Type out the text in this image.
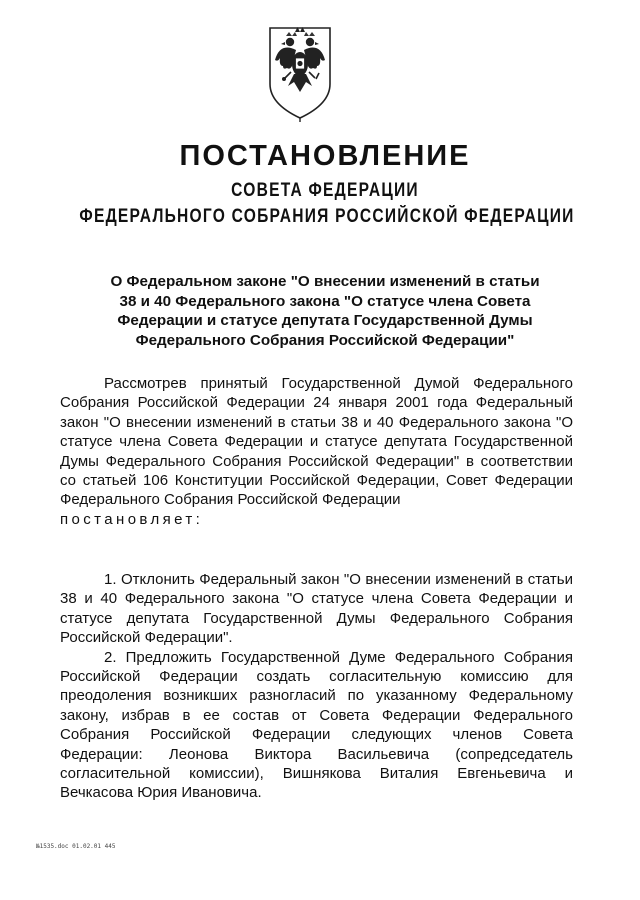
ПОСТАНОВЛЕНИЕ
СОВЕТА ФЕДЕРАЦИИ
ФЕДЕРАЛЬНОГО СОБРАНИЯ РОССИЙСКОЙ ФЕДЕРАЦИИ
О Федеральном законе "О внесении изменений в статьи
38 и 40 Федерального закона "О статусе члена Совета
Федерации и статусе депутата Государственной Думы
Федерального Собрания Российской Федерации"

Рассмотрев принятый Государственной Думой Федерального Собрания Российской Федерации 24 января 2001 года Федеральный закон "О внесении изменений в статьи 38 и 40 Федерального закона "О статусе члена Совета Федерации и статусе депутата Государственной Думы Федерального Собрания Российской Федерации" в соответствии со статьей 106 Конституции Российской Федерации, Совет Федерации Федерального Собрания Российской Федерации
постановляет:

1. Отклонить Федеральный закон "О внесении изменений в статьи 38 и 40 Федерального закона "О статусе члена Совета Федерации и статусе депутата Государственной Думы Федерального Собрания Российской Федерации".

2. Предложить Государственной Думе Федерального Собрания Российской Федерации создать согласительную комиссию для преодоления возникших разногласий по указанному Федеральному закону, избрав в ее состав от Совета Федерации Федерального Собрания Российской Федерации следующих членов Совета Федерации: Леонова Виктора Васильевича (сопредседатель согласительной комиссии), Вишнякова Виталия Евгеньевича и Вечкасова Юрия Ивановича.

№1535.doc 01.02.01 445
